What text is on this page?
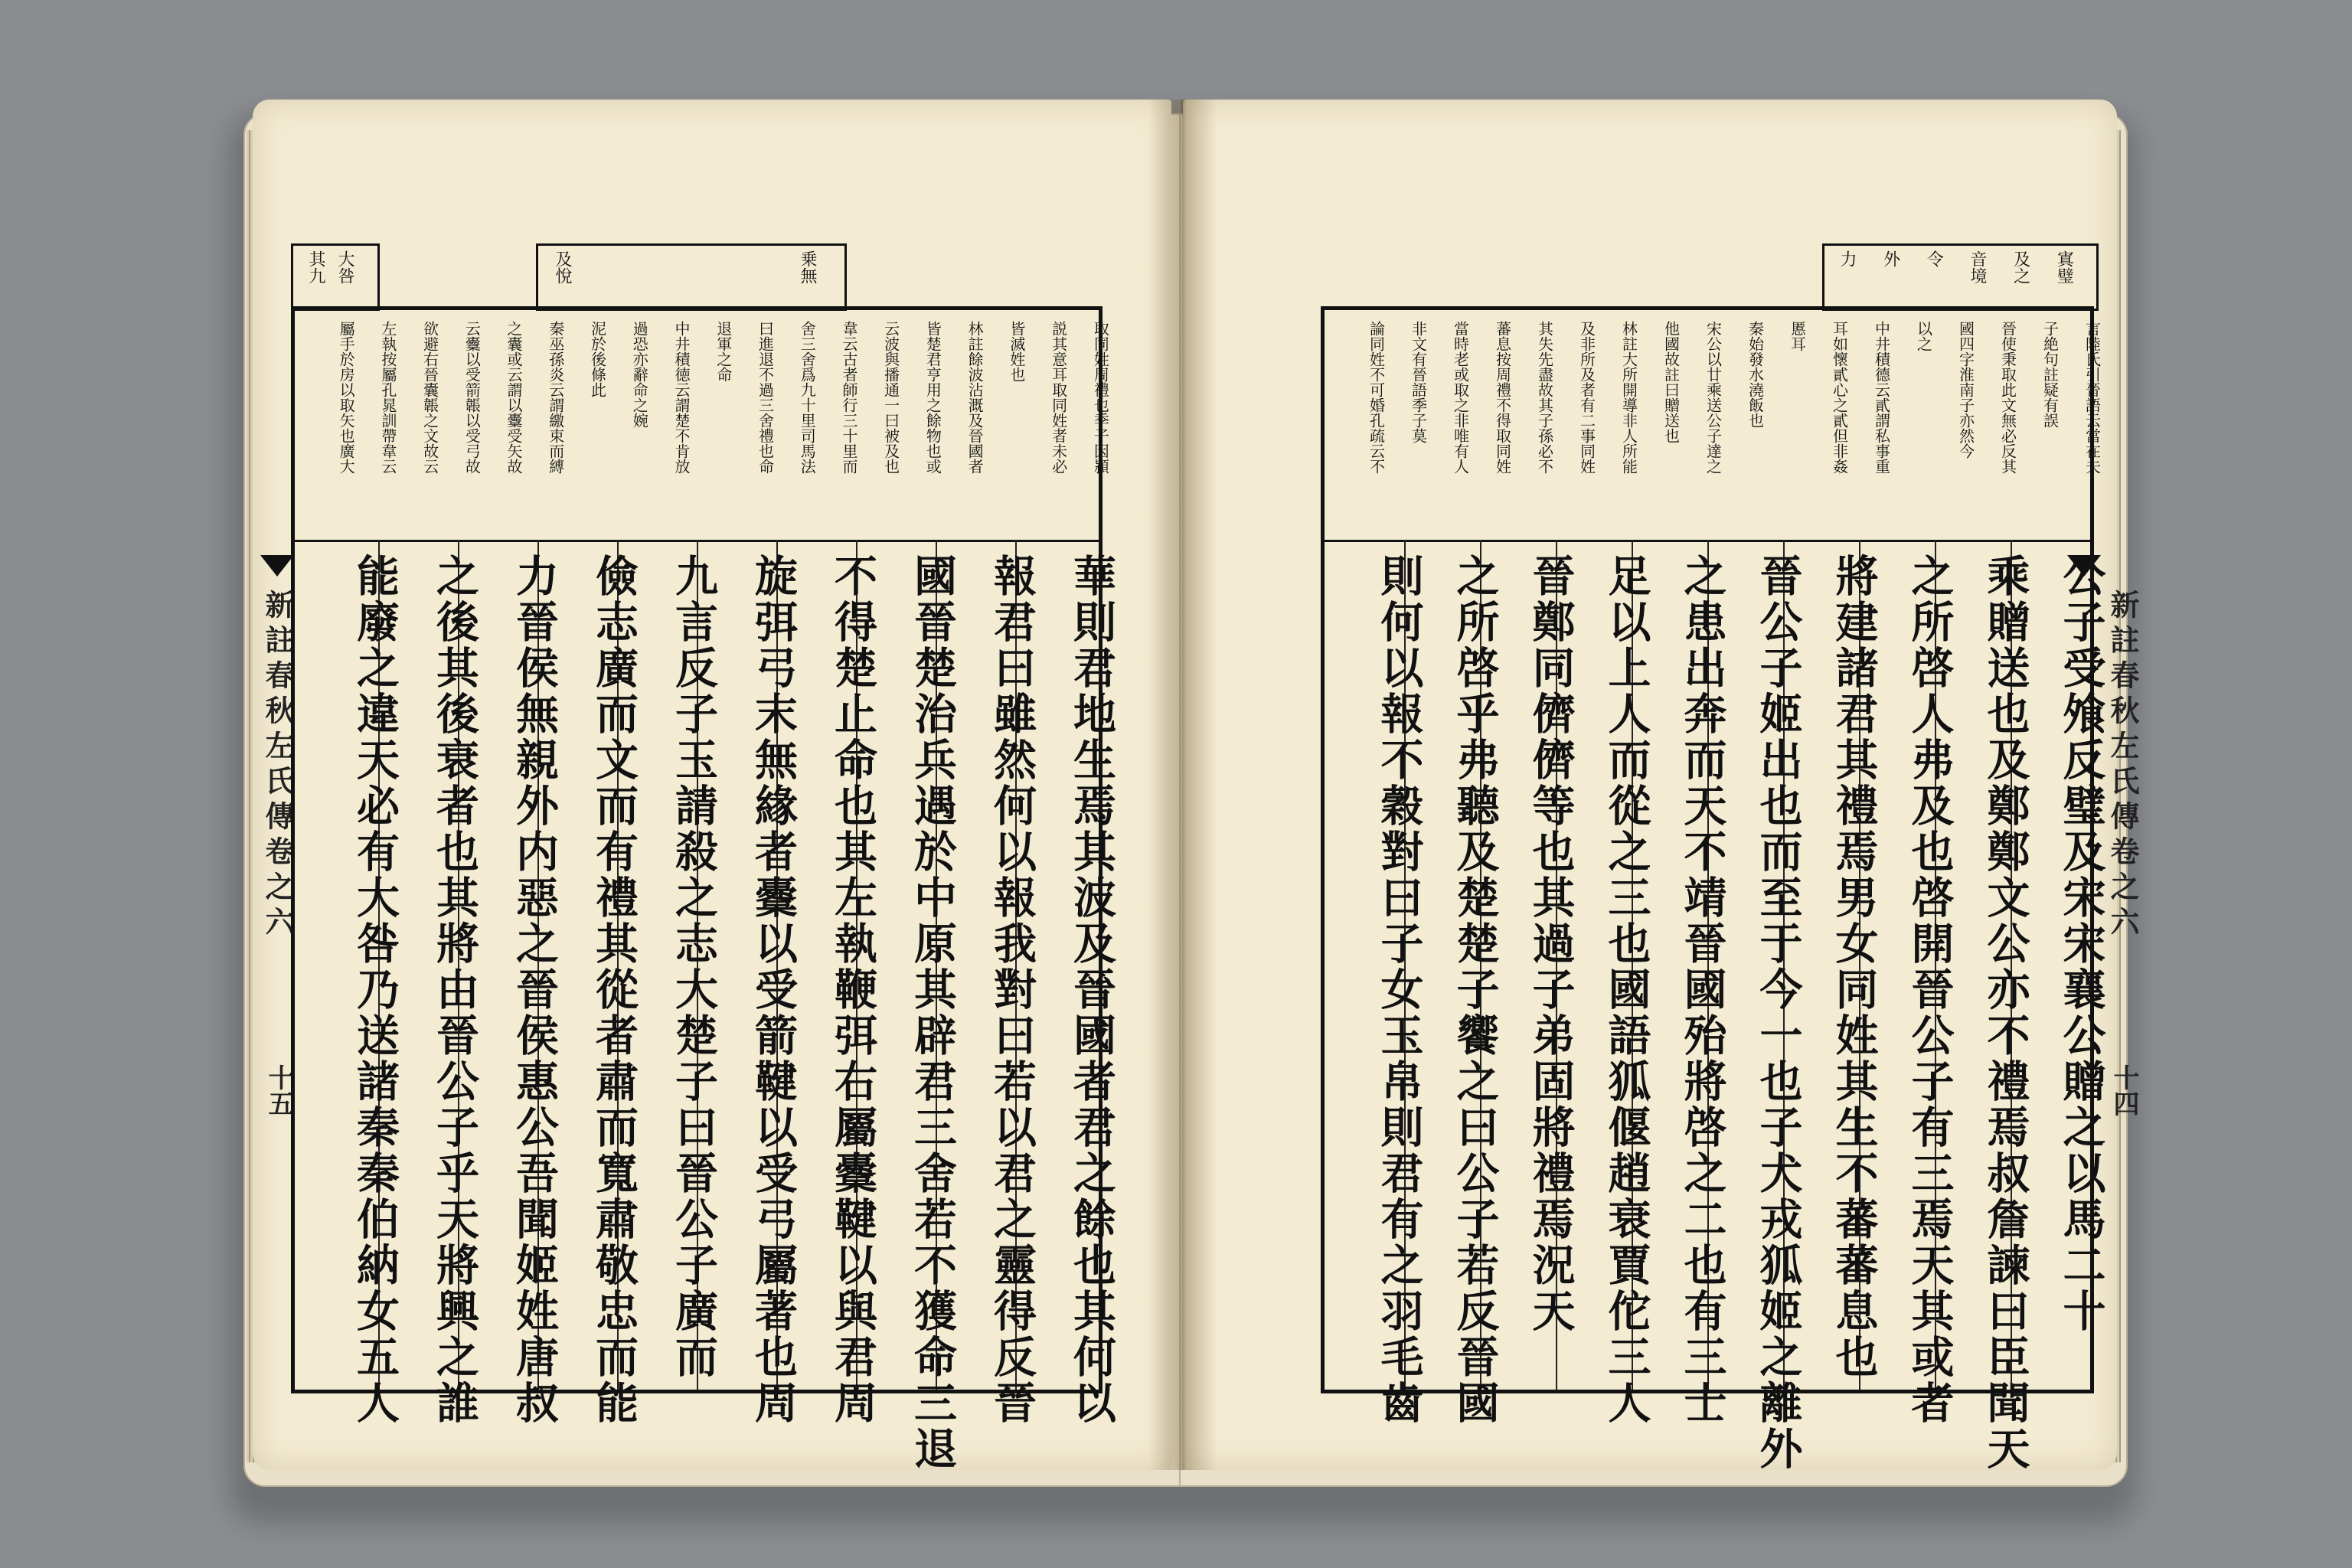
新註春秋左氏傳卷之六
十五
大咎
其九	乗無
及悅
取同姓周禮也季子因潁
説其意耳取同姓者未必
皆滅姓也
林註餘波沾溉及晉國者
皆楚君亨用之餘物也或
云波與播通一曰被及也
韋云古者師行三十里而
舍三舍爲九十里司馬法
曰進退不過三舍禮也命
退軍之命
中井積徳云謂楚不肯放
過恐亦辭命之婉
泥於後條此
秦巫孫炎云謂繳束而縛
之囊或云謂以櫜受矢故
云櫜以受箭韔以受弓故
欲避右晉囊韔之文故云
左執按屬孔晁訓帶韋云
屬手於房以取矢也廣大
華則君地生焉其波及晉國者君之餘也其何以
報君曰雖然何以報我對曰若以君之靈得反晉
國晉楚治兵遇於中原其辟君三舍若不獲命三退
不得楚止命也其左執鞭弭右屬櫜鞬以與君周
旋弭弓末無緣者櫜以受箭鞬以受弓屬著也周
九言反子玉請殺之志大楚子曰晉公子廣而
儉志廣而文而有禮其從者肅而寬肅敬忠而能
力晉侯無親外内惡之晉侯惠公吾聞姬姓唐叔
之後其後衰者也其將由晉公子乎天將興之誰
能廢之違天必有大咎乃送諸秦秦伯納女五人	新註春秋左氏傳卷之六
十四
寘璧
及之
音境
令
外
力
言陸氏引晉語云當在夫
子絶句註疑有誤
晉使秉取此文無必反其
國四字淮南子亦然今
以之
中井積德云貳謂私事重
耳如懷貳心之貳但非姦
慝耳
秦始發水澆飯也
宋公以廿乘送公子達之
他國故註曰贈送也
林註大所開導非人所能
及非所及者有二事同姓
其失先盡故其子孫必不
蕃息按周禮不得取同姓
當時老或取之非唯有人
非文有晉語季子莫
論同姓不可婚孔疏云不
公子受飧反璧及宋宋襄公贈之以馬二十
乘贈送也及鄭鄭文公亦不禮焉叔詹諫曰臣聞天
之所啓人弗及也啓開晉公子有三焉天其或者
將建諸君其禮焉男女同姓其生不蕃蕃息也
晉公子姬出也而至于今一也子犬戎狐姬之離外
之患出奔而天不靖晉國殆將啓之二也有三士
足以上人而從之三也國語狐偃趙衰賈佗三人
晉鄭同儕儕等也其過子弟固將禮焉況天
之所啓乎弗聽及楚楚子饗之曰公子若反晉國
則何以報不穀對曰子女玉帛則君有之羽毛齒
